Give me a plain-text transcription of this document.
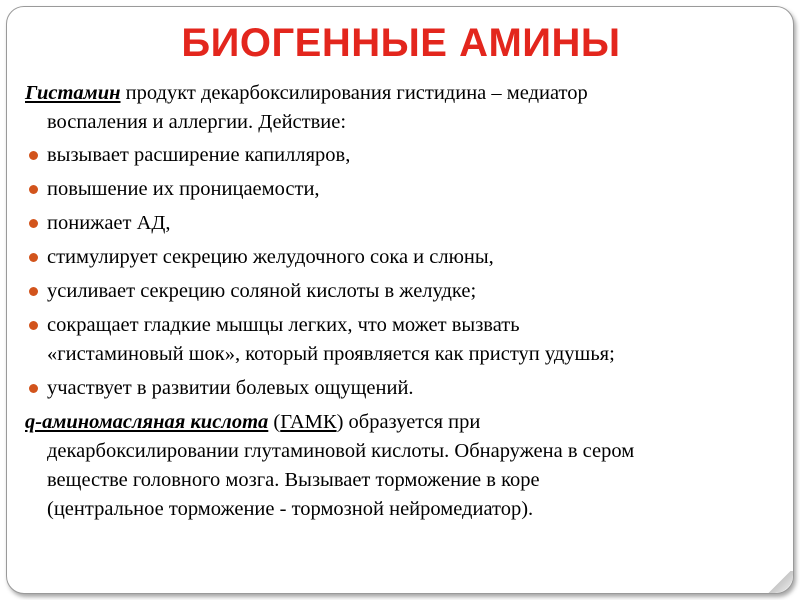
БИОГЕННЫЕ АМИНЫ
Гистамин продукт декарбоксилирования гистидина – медиатор
воспаления и аллергии. Действие:
вызывает расширение капилляров,
повышение их проницаемости,
понижает АД,
стимулирует секрецию желудочного сока и слюны,
усиливает секрецию соляной кислоты в желудке;
сокращает гладкие мышцы легких, что может вызвать
«гистаминовый шок», который проявляется как приступ удушья;
участвует в развитии болевых ощущений.
q-аминомасляная кислота (ГАМК) образуется при
декарбоксилировании глутаминовой кислоты. Обнаружена в сером
веществе головного мозга. Вызывает торможение в коре
(центральное торможение - тормозной нейромедиатор).
